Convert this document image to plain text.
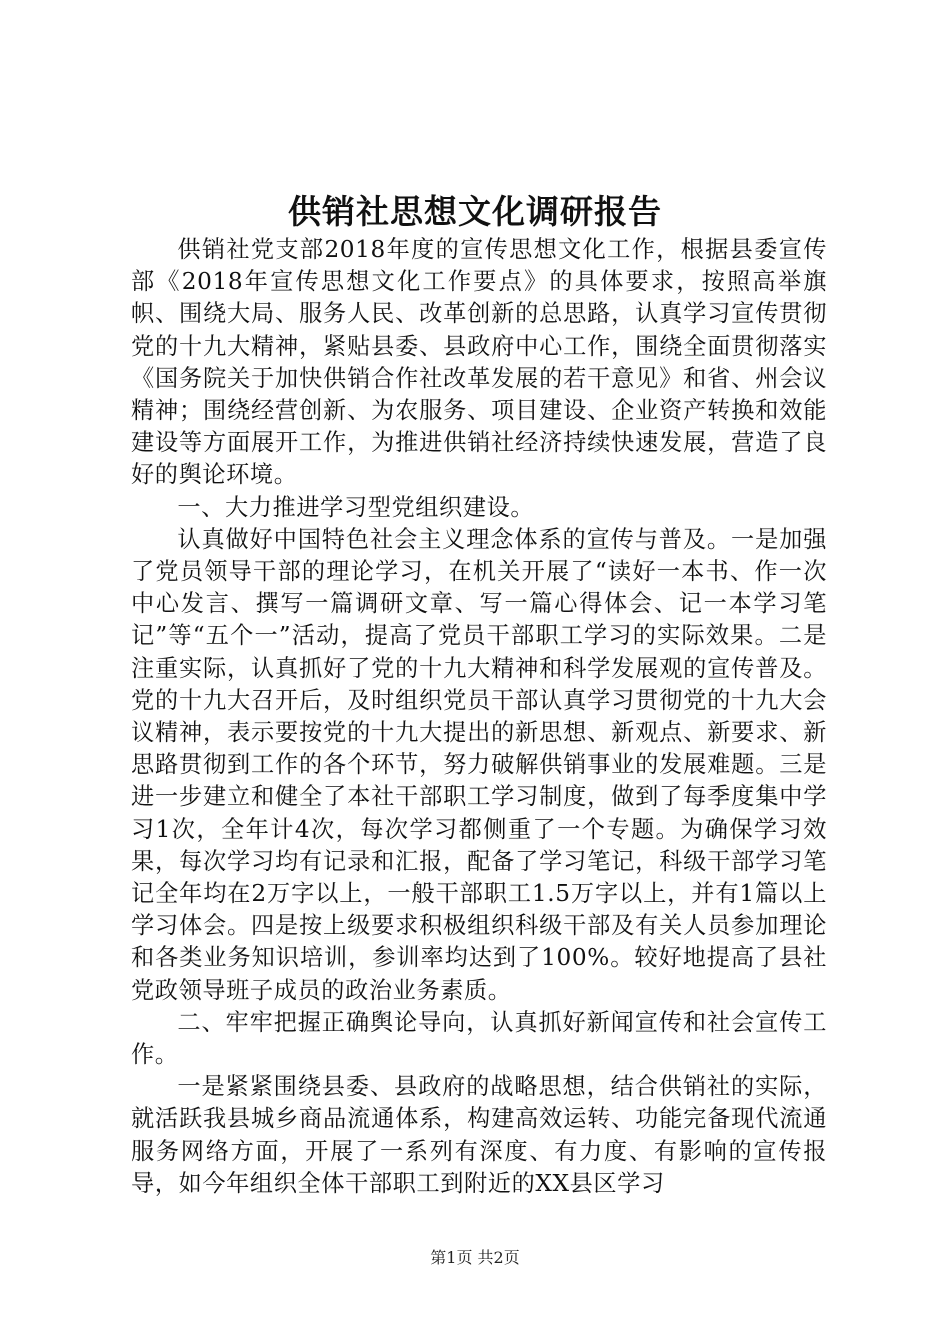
供销社思想文化调研报告

供销社党支部2018年度的宣传思想文化工作，根据县委宣传部《2018年宣传思想文化工作要点》的具体要求，按照高举旗帜、围绕大局、服务人民、改革创新的总思路，认真学习宣传贯彻党的十九大精神，紧贴县委、县政府中心工作，围绕全面贯彻落实《国务院关于加快供销合作社改革发展的若干意见》和省、州会议精神；围绕经营创新、为农服务、项目建设、企业资产转换和效能建设等方面展开工作，为推进供销社经济持续快速发展，营造了良好的舆论环境。

一、大力推进学习型党组织建设。

认真做好中国特色社会主义理念体系的宣传与普及。一是加强了党员领导干部的理论学习，在机关开展了“读好一本书、作一次中心发言、撰写一篇调研文章、写一篇心得体会、记一本学习笔记”等“五个一”活动，提高了党员干部职工学习的实际效果。二是注重实际，认真抓好了党的十九大精神和科学发展观的宣传普及。党的十九大召开后，及时组织党员干部认真学习贯彻党的十九大会议精神，表示要按党的十九大提出的新思想、新观点、新要求、新思路贯彻到工作的各个环节，努力破解供销事业的发展难题。三是进一步建立和健全了本社干部职工学习制度，做到了每季度集中学习1次，全年计4次，每次学习都侧重了一个专题。为确保学习效果，每次学习均有记录和汇报，配备了学习笔记，科级干部学习笔记全年均在2万字以上，一般干部职工1.5万字以上，并有1篇以上学习体会。四是按上级要求积极组织科级干部及有关人员参加理论和各类业务知识培训，参训率均达到了100%。较好地提高了县社党政领导班子成员的政治业务素质。

二、牢牢把握正确舆论导向，认真抓好新闻宣传和社会宣传工作。

一是紧紧围绕县委、县政府的战略思想，结合供销社的实际，就活跃我县城乡商品流通体系，构建高效运转、功能完备现代流通服务网络方面，开展了一系列有深度、有力度、有影响的宣传报导，如今年组织全体干部职工到附近的XX县区学习

第1页 共2页
